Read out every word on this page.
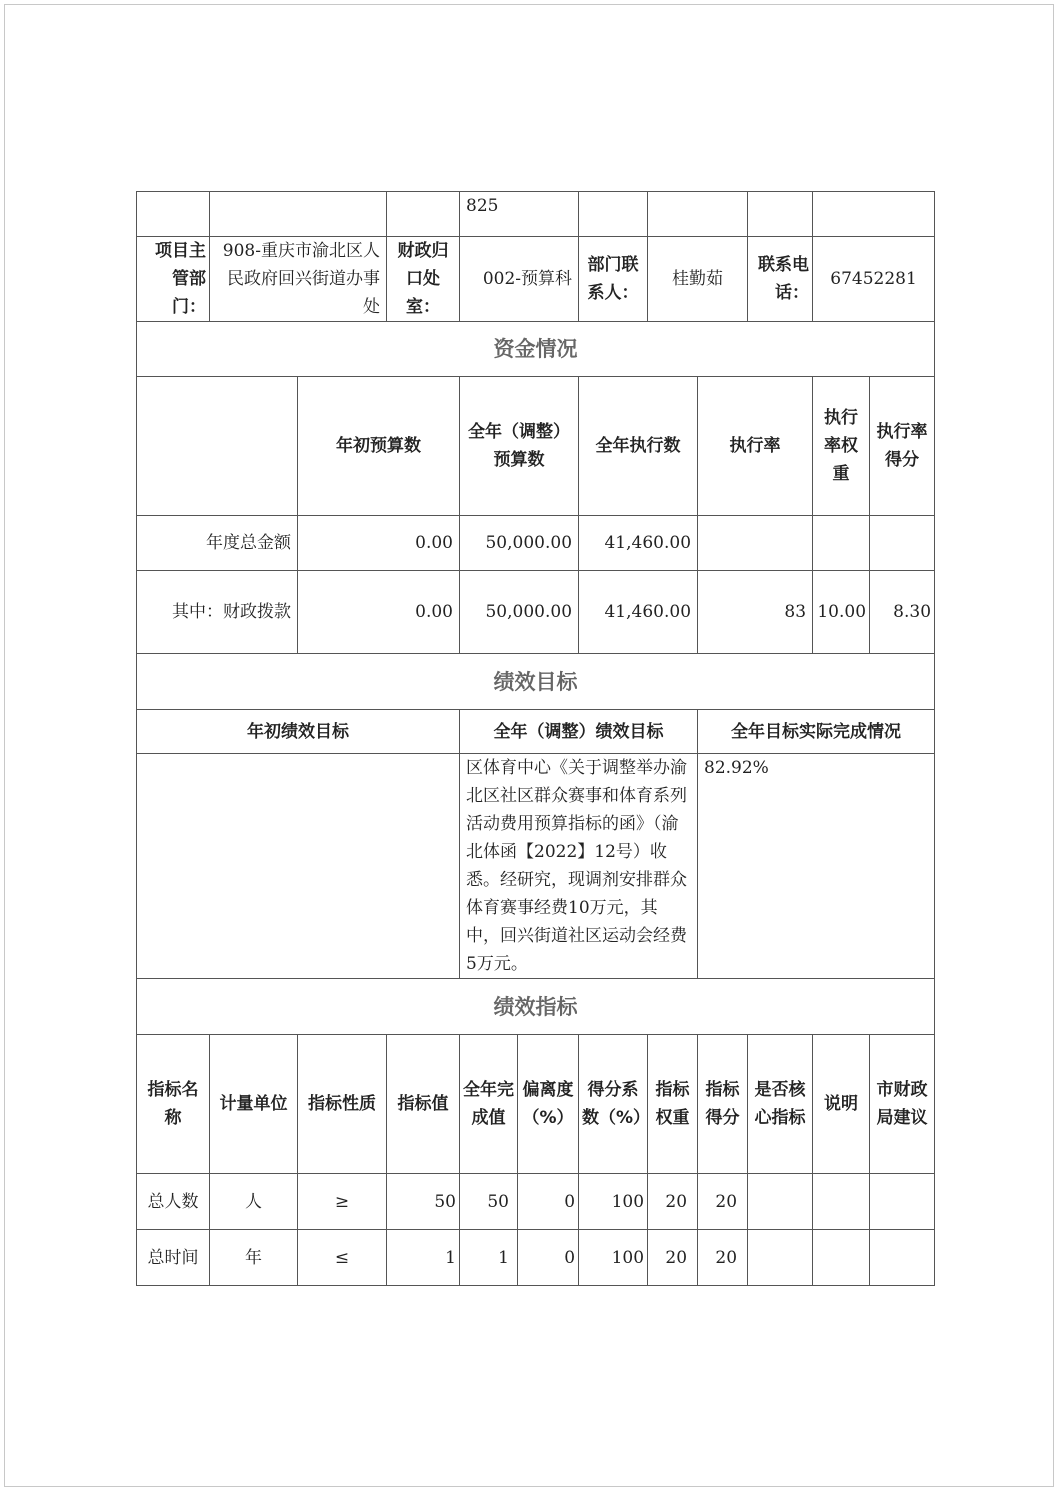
				825							
项目主管部门：	908-重庆市渝北区人民政府回兴街道办事处		财政归口处室：	002-预算科		部门联系人：	桂勤茹		联系电话：	67452281	
资金情况											
		年初预算数		全年（调整）预算数		全年执行数		执行率		执行率权重	执行率得分
年度总金额		0.00		50,000.00		41,460.00					
其中：财政拨款		0.00		50,000.00		41,460.00		83		10.00	8.30
绩效目标											
年初绩效目标				全年（调整）绩效目标				全年目标实际完成情况			
				区体育中心《关于调整举办渝北区社区群众赛事和体育系列活动费用预算指标的函》（渝北体函【2022】12号）收悉。经研究，现调剂安排群众体育赛事经费10万元，其中，回兴街道社区运动会经费5万元。				82.92%			
绩效指标											
指标名称	计量单位	指标性质	指标值	全年完成值	偏离度（%）	得分系数（%）	指标权重	指标得分	是否核心指标	说明	市财政局建议
总人数	人	≥	50	50	0	100	20	20			
总时间	年	≤	1	1	0	100	20	20			
